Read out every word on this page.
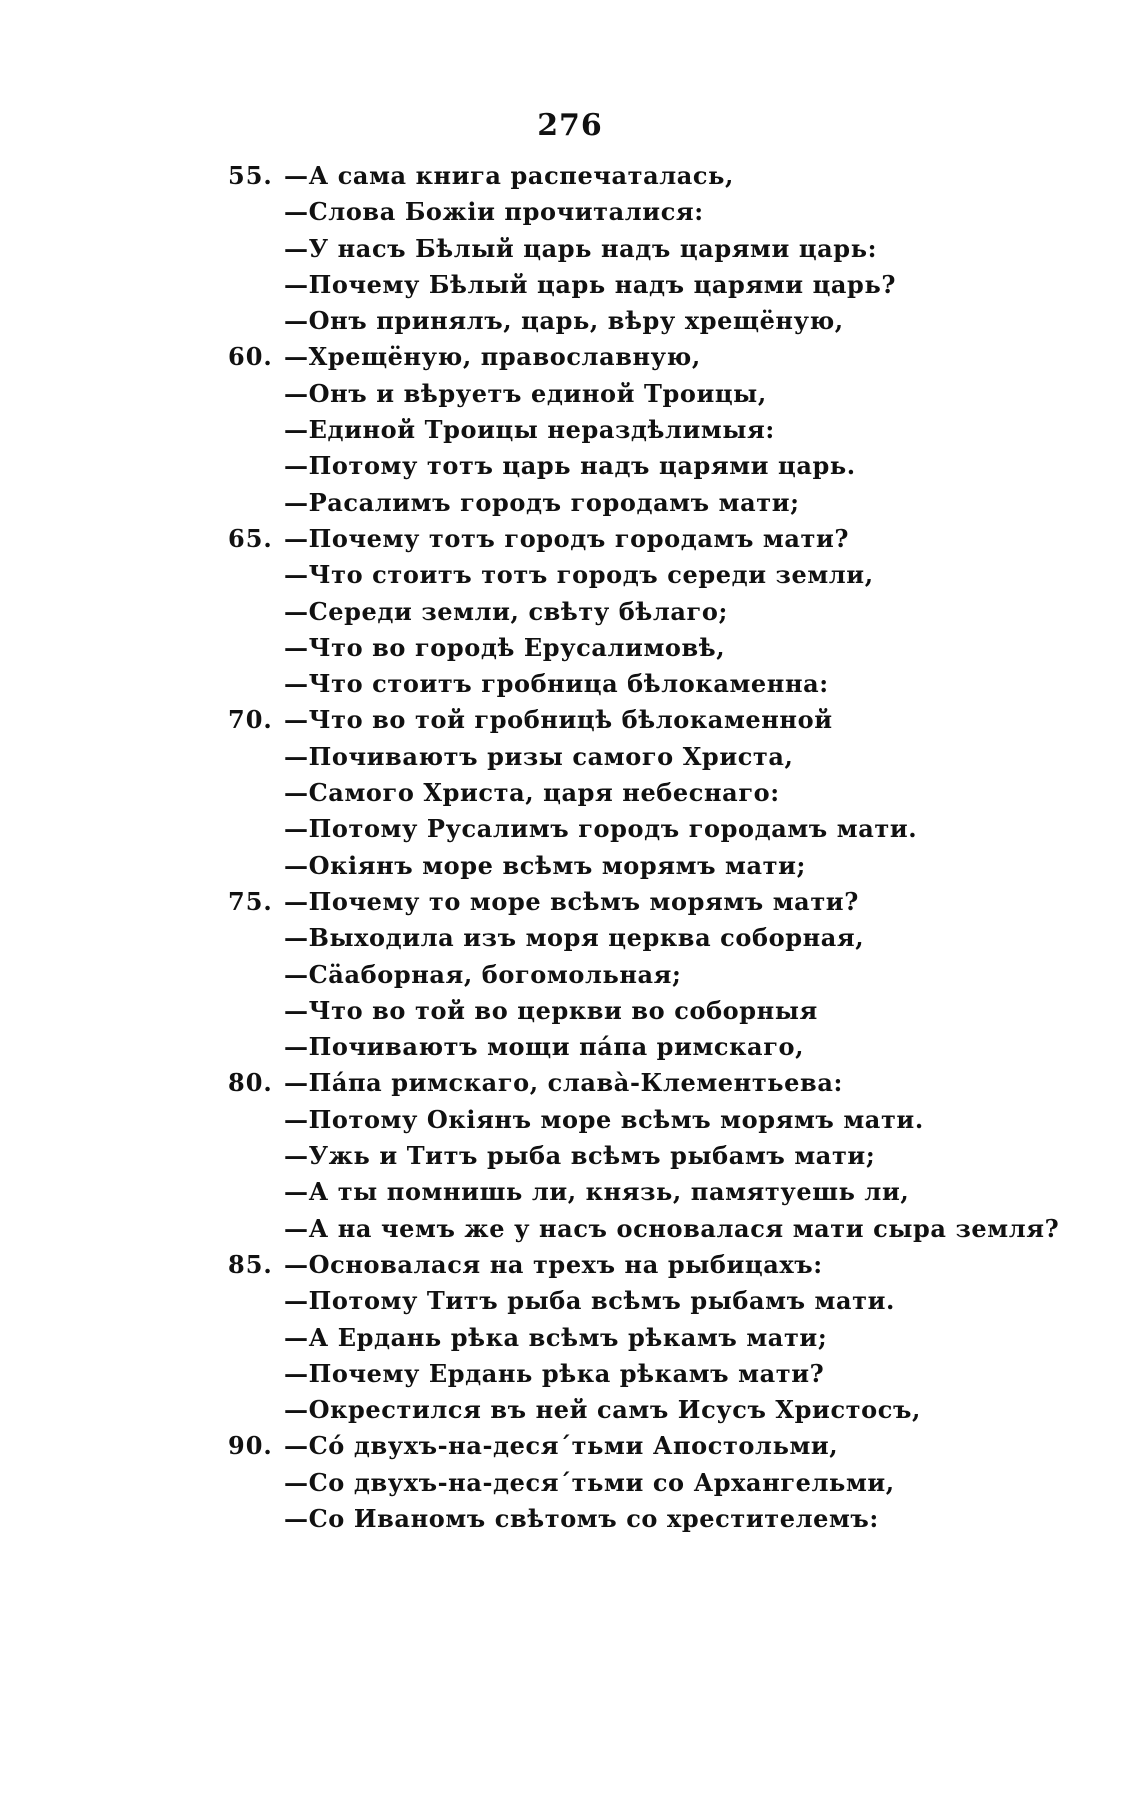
276
55. —А сама книга распечаталась,
—Слова Божіи прочиталися:
—У насъ Бѣлый царь надъ царями царь:
—Почему Бѣлый царь надъ царями царь?
—Онъ принялъ, царь, вѣру хрещёную,
60. —Хрещёную, православную,
—Онъ и вѣруетъ единой Троицы,
—Единой Троицы нераздѣлимыя:
—Потому тотъ царь надъ царями царь.
—Расалимъ городъ городамъ мати;
65. —Почему тотъ городъ городамъ мати?
—Что стоитъ тотъ городъ середи земли,
—Середи земли, свѣту бѣлаго;
—Что во городѣ Ерусалимовѣ,
—Что стоитъ гробница бѣлокаменна:
70. —Что во той гробницѣ бѣлокаменной
—Почиваютъ ризы самого Христа,
—Самого Христа, царя небеснаго:
—Потому Русалимъ городъ городамъ мати.
—Окіянъ море всѣмъ морямъ мати;
75. —Почему то море всѣмъ морямъ мати?
—Выходила изъ моря церква соборная,
—Сäаборная, богомольная;
—Что во той во церкви во соборныя
—Почиваютъ мощи пáпа римскаго,
80. —Пáпа римскаго, славà-Клементьева:
—Потому Окіянъ море всѣмъ морямъ мати.
—Ужь и Титъ рыба всѣмъ рыбамъ мати;
—А ты помнишь ли, князь, памятуешь ли,
—А на чемъ же у насъ основалася мати сыра земля?
85. —Основалася на трехъ на рыбицахъ:
—Потому Титъ рыба всѣмъ рыбамъ мати.
—А Ердань рѣка всѣмъ рѣкамъ мати;
—Почему Ердань рѣка рѣкамъ мати?
—Окрестился въ ней самъ Исусъ Христосъ,
90. —Сó двухъ-на-десяˊтьми Апостольми,
—Со двухъ-на-десяˊтьми со Архангельми,
—Со Иваномъ свѣтомъ со хрестителемъ:
